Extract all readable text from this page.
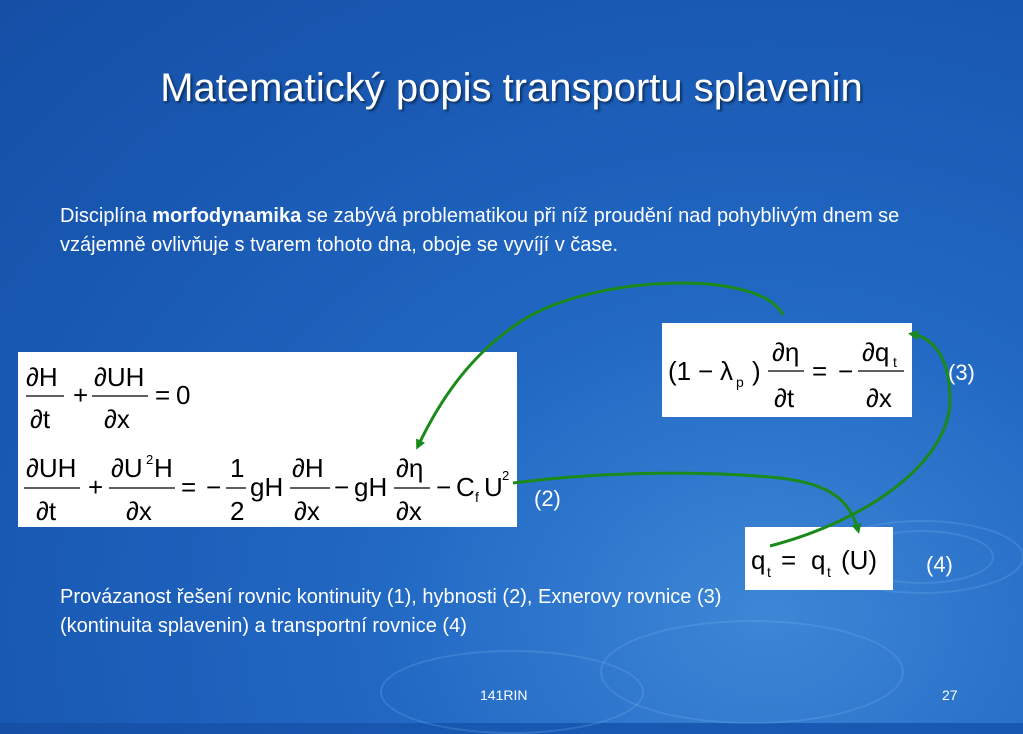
Matematický popis transportu splavenin
Disciplína morfodynamika se zabývá problematikou při níž proudění nad pohyblivým dnem se vzájemně ovlivňuje s tvarem tohoto dna, oboje se vyvíjí v čase.
∂H
∂t
+
∂UH
∂x
= 0
∂UH
∂t
+
∂U H
∂x
= −
1
2
gH
∂H
∂x
− gH
∂η
∂x
− C U
2
f
2
(1)
(2)
(1 − λ )
∂η
∂t
= −
∂q
∂x
p
t (3)
q = q (U)
t	t	(4)
Provázanost řešení rovnic kontinuity (1), hybnosti (2), Exnerovy rovnice (3) (kontinuita splavenin) a transportní rovnice (4)
141RIN	27
